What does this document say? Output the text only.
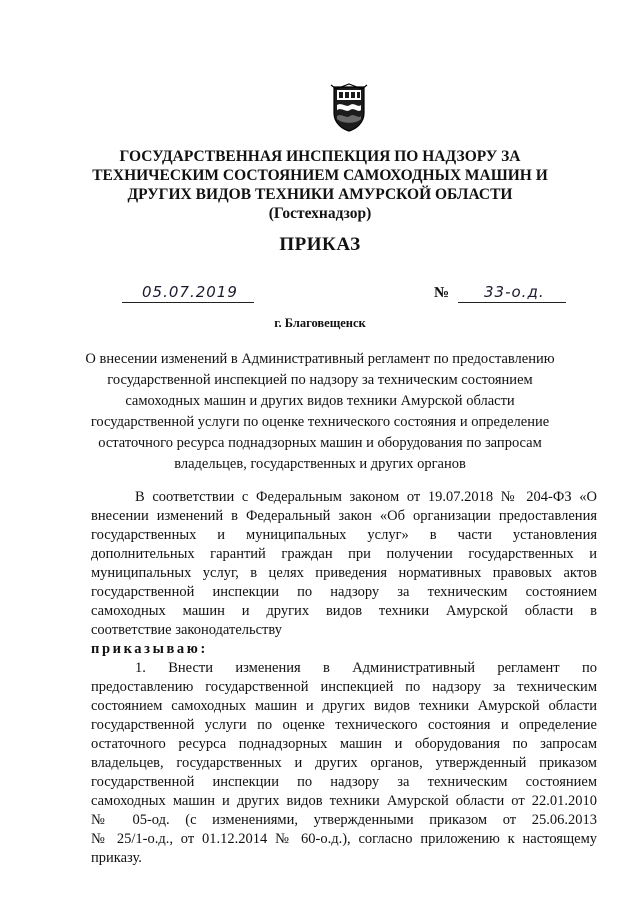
ГОСУДАРСТВЕННАЯ ИНСПЕКЦИЯ ПО НАДЗОРУ ЗА
ТЕХНИЧЕСКИМ СОСТОЯНИЕМ САМОХОДНЫХ МАШИН И
ДРУГИХ ВИДОВ ТЕХНИКИ АМУРСКОЙ ОБЛАСТИ
(Гостехнадзор)
ПРИКАЗ
05.07.2019	№ 33-о.д.
г. Благовещенск
О внесении изменений в Административный регламент по предоставлению
государственной инспекцией по надзору за техническим состоянием
самоходных машин и других видов техники Амурской области
государственной услуги по оценке технического состояния и определение
остаточного ресурса поднадзорных машин и оборудования по запросам
владельцев, государственных и других органов
В соответствии с Федеральным законом от 19.07.2018 № 204-ФЗ «О
внесении изменений в Федеральный закон «Об организации предоставления
государственных и муниципальных услуг» в части установления
дополнительных гарантий граждан при получении государственных и
муниципальных услуг, в целях приведения нормативных правовых актов
государственной инспекции по надзору за техническим состоянием
самоходных машин и других видов техники Амурской области в
соответствие законодательству
приказываю:
1. Внести изменения в Административный регламент по
предоставлению государственной инспекцией по надзору за техническим
состоянием самоходных машин и других видов техники Амурской области
государственной услуги по оценке технического состояния и определение
остаточного ресурса поднадзорных машин и оборудования по запросам
владельцев, государственных и других органов, утвержденный приказом
государственной инспекции по надзору за техническим состоянием
самоходных машин и других видов техники Амурской области от 22.01.2010
№ 05-од. (с изменениями, утвержденными приказом от 25.06.2013
№ 25/1-о.д., от 01.12.2014 № 60-о.д.), согласно приложению к настоящему
приказу.
